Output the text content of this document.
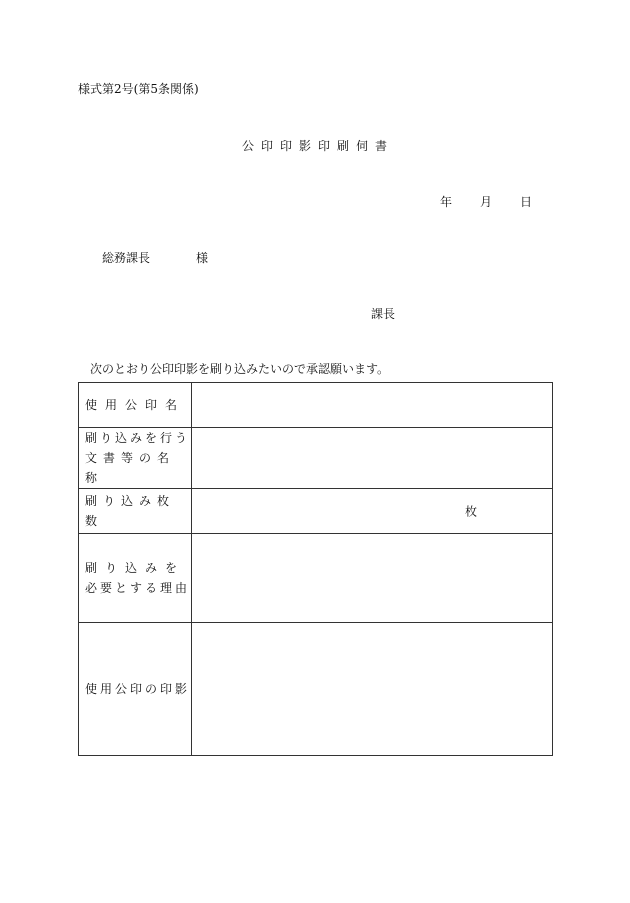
様式第2号(第5条関係)
公印印影印刷伺書
年 月 日
総務課長	様
課長
次のとおり公印印影を刷り込みたいので承認願います。
使用公印名	

刷り込みを行う
文書等の名称	

刷り込み枚数	枚

刷り込みを
必要とする理由	

使用公印の印影	
